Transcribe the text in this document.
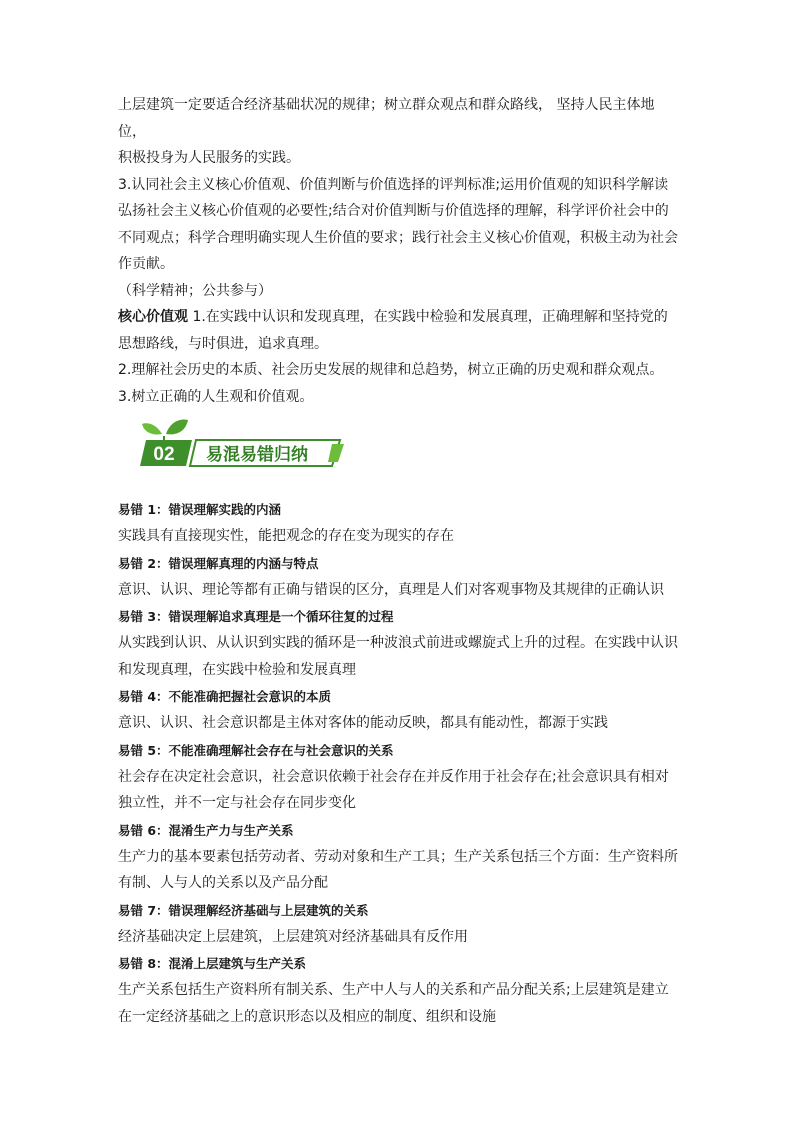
上层建筑一定要适合经济基础状况的规律；树立群众观点和群众路线， 坚持人民主体地位，

积极投身为人民服务的实践。

3.认同社会主义核心价值观、价值判断与价值选择的评判标准;运用价值观的知识科学解读

弘扬社会主义核心价值观的必要性;结合对价值判断与价值选择的理解，科学评价社会中的

不同观点；科学合理明确实现人生价值的要求；践行社会主义核心价值观，积极主动为社会

作贡献。

（科学精神；公共参与）

核心价值观 1.在实践中认识和发现真理，在实践中检验和发展真理，正确理解和坚持党的

思想路线，与时俱进，追求真理。

2.理解社会历史的本质、社会历史发展的规律和总趋势，树立正确的历史观和群众观点。

3.树立正确的人生观和价值观。

02 易混易错归纳

易错 1：错误理解实践的内涵

实践具有直接现实性，能把观念的存在变为现实的存在

易错 2：错误理解真理的内涵与特点

意识、认识、理论等都有正确与错误的区分，真理是人们对客观事物及其规律的正确认识

易错 3：错误理解追求真理是一个循环往复的过程

从实践到认识、从认识到实践的循环是一种波浪式前进或螺旋式上升的过程。在实践中认识

和发现真理，在实践中检验和发展真理

易错 4：不能准确把握社会意识的本质

意识、认识、社会意识都是主体对客体的能动反映，都具有能动性，都源于实践

易错 5：不能准确理解社会存在与社会意识的关系

社会存在决定社会意识，社会意识依赖于社会存在并反作用于社会存在;社会意识具有相对

独立性，并不一定与社会存在同步变化

易错 6：混淆生产力与生产关系

生产力的基本要素包括劳动者、劳动对象和生产工具；生产关系包括三个方面：生产资料所

有制、人与人的关系以及产品分配

易错 7：错误理解经济基础与上层建筑的关系

经济基础决定上层建筑，上层建筑对经济基础具有反作用

易错 8：混淆上层建筑与生产关系

生产关系包括生产资料所有制关系、生产中人与人的关系和产品分配关系;上层建筑是建立

在一定经济基础之上的意识形态以及相应的制度、组织和设施
